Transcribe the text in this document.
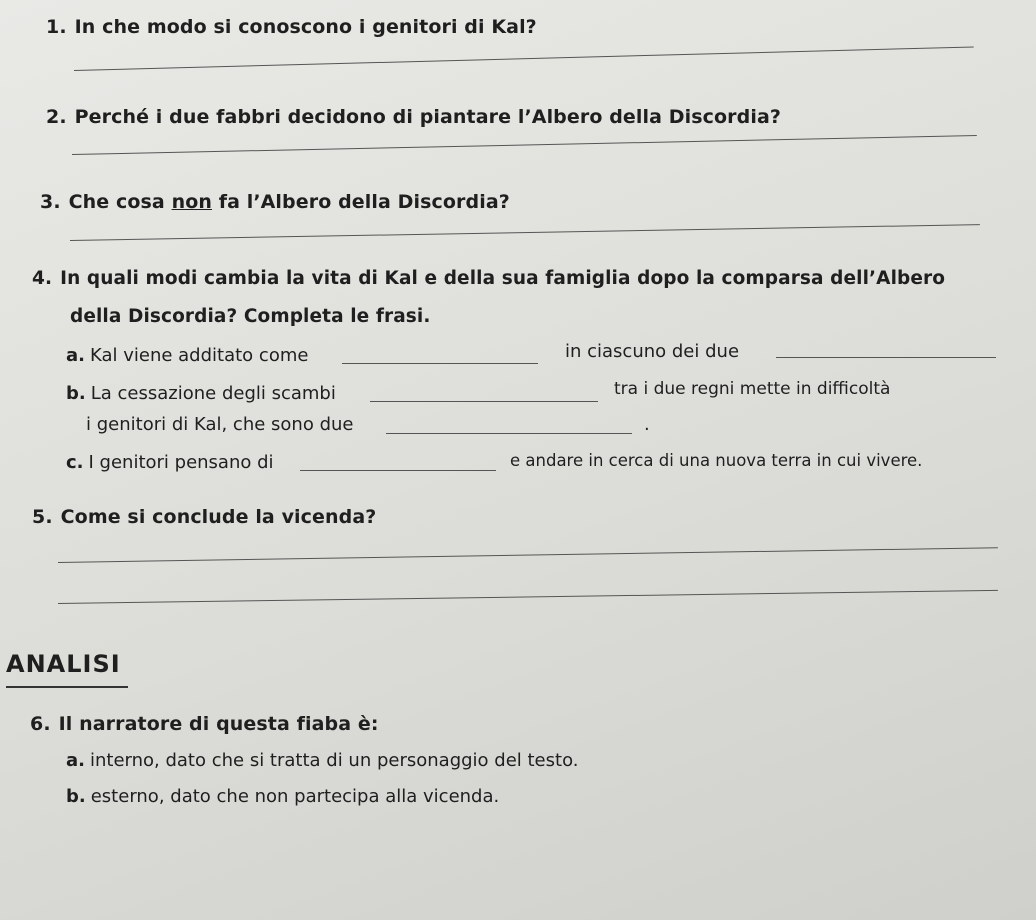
1. In che modo si conoscono i genitori di Kal?
2. Perché i due fabbri decidono di piantare l’Albero della Discordia?
3. Che cosa non fa l’Albero della Discordia?
4. In quali modi cambia la vita di Kal e della sua famiglia dopo la comparsa dell’Albero
della Discordia? Completa le frasi.
a. Kal viene additato come	in ciascuno dei due
b. La cessazione degli scambi	tra i due regni mette in difficoltà
i genitori di Kal, che sono due	.
c. I genitori pensano di	e andare in cerca di una nuova terra in cui vivere.
5. Come si conclude la vicenda?
ANALISI
6. Il narratore di questa fiaba è:
a. interno, dato che si tratta di un personaggio del testo.
b. esterno, dato che non partecipa alla vicenda.
